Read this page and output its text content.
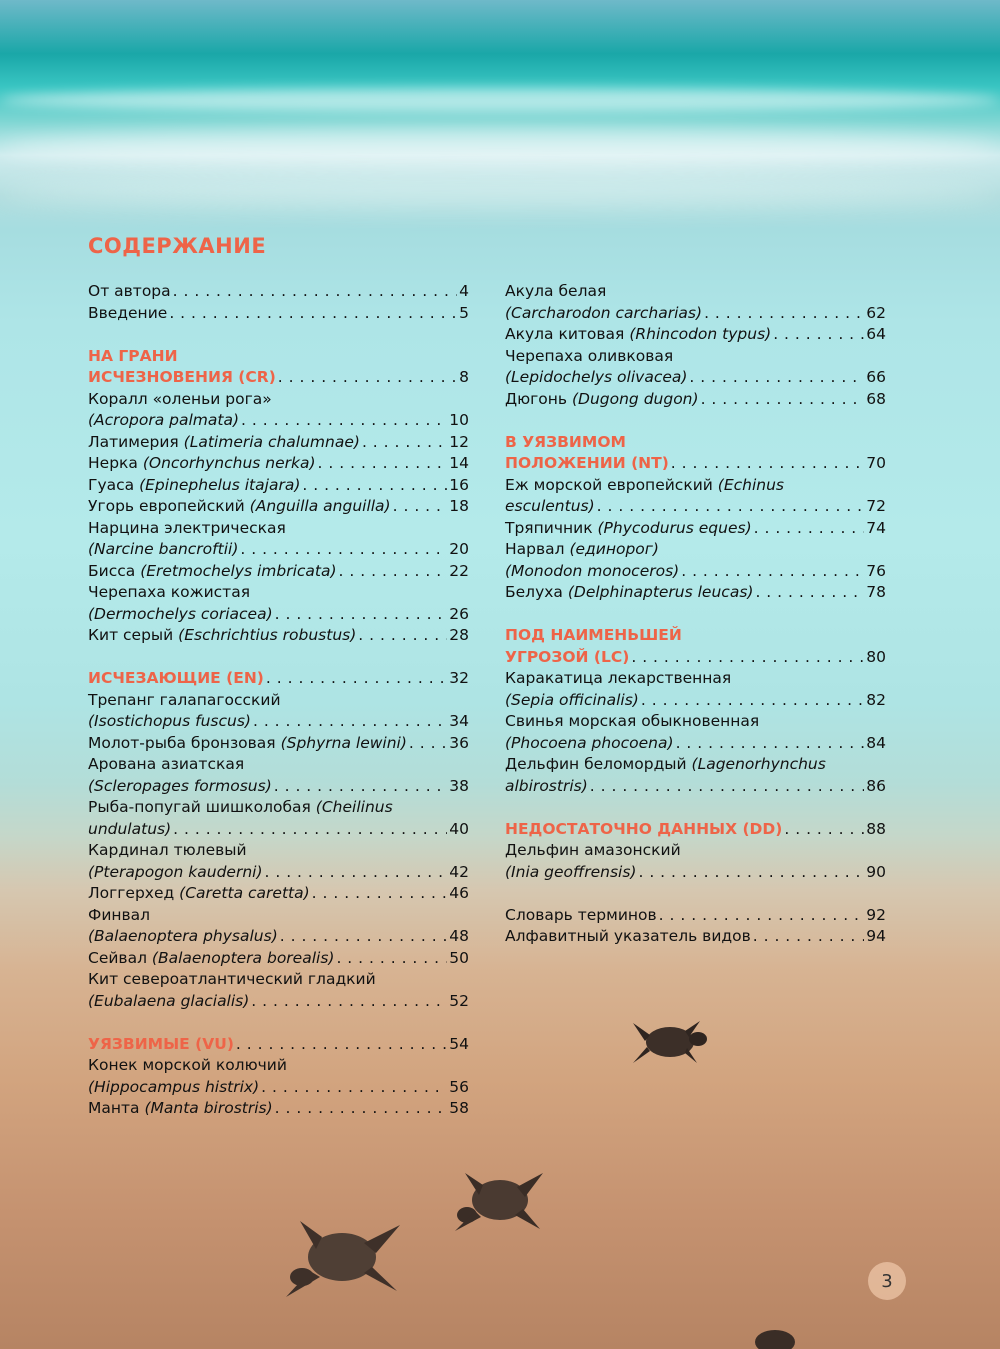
СОДЕРЖАНИЕ
От автора . . .	4
Введение . . .	5
НА ГРАНИ
ИСЧЕЗНОВЕНИЯ (CR) . . .	8
Коралл «оленьи рога»
(Acropora palmata) . . .	10
Латимерия (Latimeria chalumnae) . . .	12
Нерка (Oncorhynchus nerka) . . .	14
Гуаса (Epinephelus itajara) . . .	16
Угорь европейский (Anguilla anguilla) . . .	18
Нарцина электрическая
(Narcine bancroftii) . . .	20
Бисса (Eretmochelys imbricata) . . .	22
Черепаха кожистая
(Dermochelys coriacea) . . .	26
Кит серый (Eschrichtius robustus) . . .	28
ИСЧЕЗАЮЩИЕ (EN) . . .	32
Трепанг галапагосский
(Isostichopus fuscus) . . .	34
Молот-рыба бронзовая (Sphyrna lewini) . . .	36
Арована азиатская
(Scleropages formosus) . . .	38
Рыба-попугай шишколобая (Cheilinus
undulatus) . . .	40
Кардинал тюлевый
(Pterapogon kauderni) . . .	42
Логгерхед (Caretta caretta) . . .	46
Финвал
(Balaenoptera physalus) . . .	48
Сейвал (Balaenoptera borealis) . . .	50
Кит североатлантический гладкий
(Eubalaena glacialis) . . .	52
УЯЗВИМЫЕ (VU) . . .	54
Конек морской колючий
(Hippocampus histrix) . . .	56
Манта (Manta birostris) . . .	58
Акула белая
(Carcharodon carcharias) . . .	62
Акула китовая (Rhincodon typus) . . .	64
Черепаха оливковая
(Lepidochelys olivacea) . . .	66
Дюгонь (Dugong dugon) . . .	68
В УЯЗВИМОМ
ПОЛОЖЕНИИ (NT) . . .	70
Еж морской европейский (Echinus
esculentus) . . .	72
Тряпичник (Phycodurus eques) . . .	74
Нарвал (единорог)
(Monodon monoceros) . . .	76
Белуха (Delphinapterus leucas) . . .	78
ПОД НАИМЕНЬШЕЙ
УГРОЗОЙ (LC) . . .	80
Каракатица лекарственная
(Sepia officinalis) . . .	82
Свинья морская обыкновенная
(Phocoena phocoena) . . .	84
Дельфин беломордый (Lagenorhynchus
albirostris) . . .	86
НЕДОСТАТОЧНО ДАННЫХ (DD) . . .	88
Дельфин амазонский
(Inia geoffrensis) . . .	90
Словарь терминов . . .	92
Алфавитный указатель видов . . .	94
3
